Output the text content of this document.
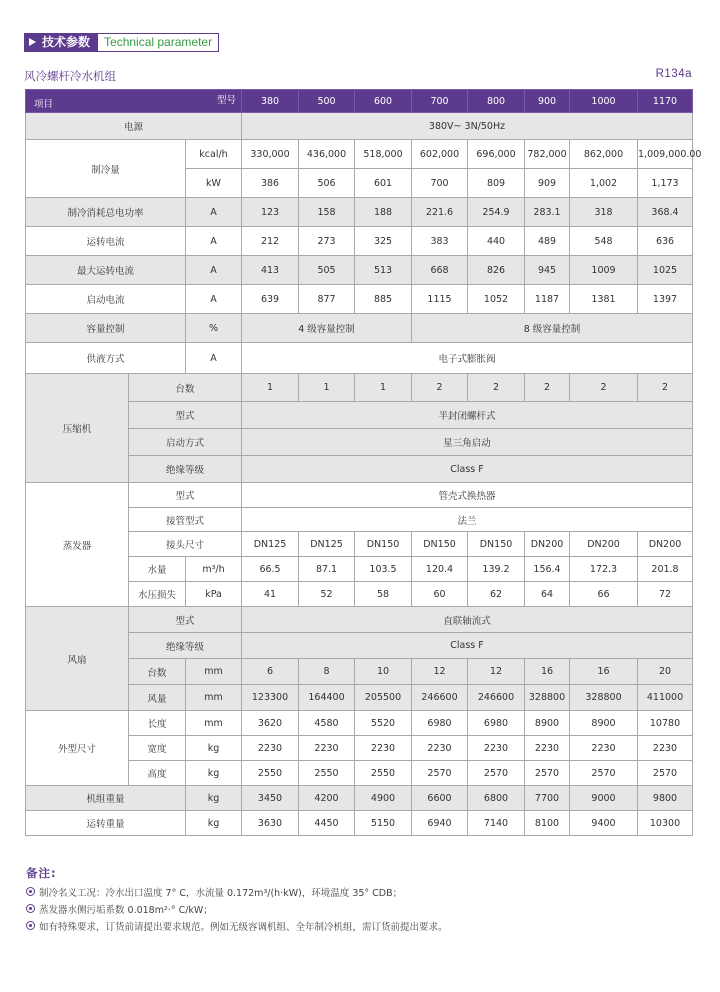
技术参数	Technical parameter
风冷螺杆冷水机组	R134a
项目 型号			380	500	600	700	800	900	1000	1170
电源			380V~ 3N/50Hz							
制冷量		kcal/h	330,000	436,000	518,000	602,000	696,000	782,000	862,000	1,009,000.00
		kW	386	506	601	700	809	909	1,002	1,173
制冷消耗总电功率		A	123	158	188	221.6	254.9	283.1	318	368.4
运转电流		A	212	273	325	383	440	489	548	636
最大运转电流		A	413	505	513	668	826	945	1009	1025
启动电流		A	639	877	885	1115	1052	1187	1381	1397
容量控制		%	4 级容量控制			8 级容量控制				
供液方式		A	电子式膨胀阀							
压缩机	台数		1	1	1	2	2	2	2	2
	型式		半封闭螺杆式							
	启动方式		星三角启动							
	绝缘等级		Class F							
蒸发器	型式		管壳式换热器							
	接管型式		法兰							
	接头尺寸		DN125	DN125	DN150	DN150	DN150	DN200	DN200	DN200
	水量	m³/h	66.5	87.1	103.5	120.4	139.2	156.4	172.3	201.8
	水压损失	kPa	41	52	58	60	62	64	66	72
风扇	型式		直联轴流式							
	绝缘等级		Class F							
	台数	mm	6	8	10	12	12	16	16	20
	风量	mm	123300	164400	205500	246600	246600	328800	328800	411000
外型尺寸	长度	mm	3620	4580	5520	6980	6980	8900	8900	10780
	宽度	kg	2230	2230	2230	2230	2230	2230	2230	2230
	高度	kg	2550	2550	2550	2570	2570	2570	2570	2570
机组重量		kg	3450	4200	4900	6600	6800	7700	9000	9800
运转重量		kg	3630	4450	5150	6940	7140	8100	9400	10300
备注:
制冷名义工况：冷水出口温度 7° C，水流量 0.172m³/(h·kW)，环境温度 35° CDB；
蒸发器水侧污垢系数 0.018m²·° C/kW；
如有特殊要求，订货前请提出要求规范。例如无级容调机组、全年制冷机组，需订货前提出要求。
